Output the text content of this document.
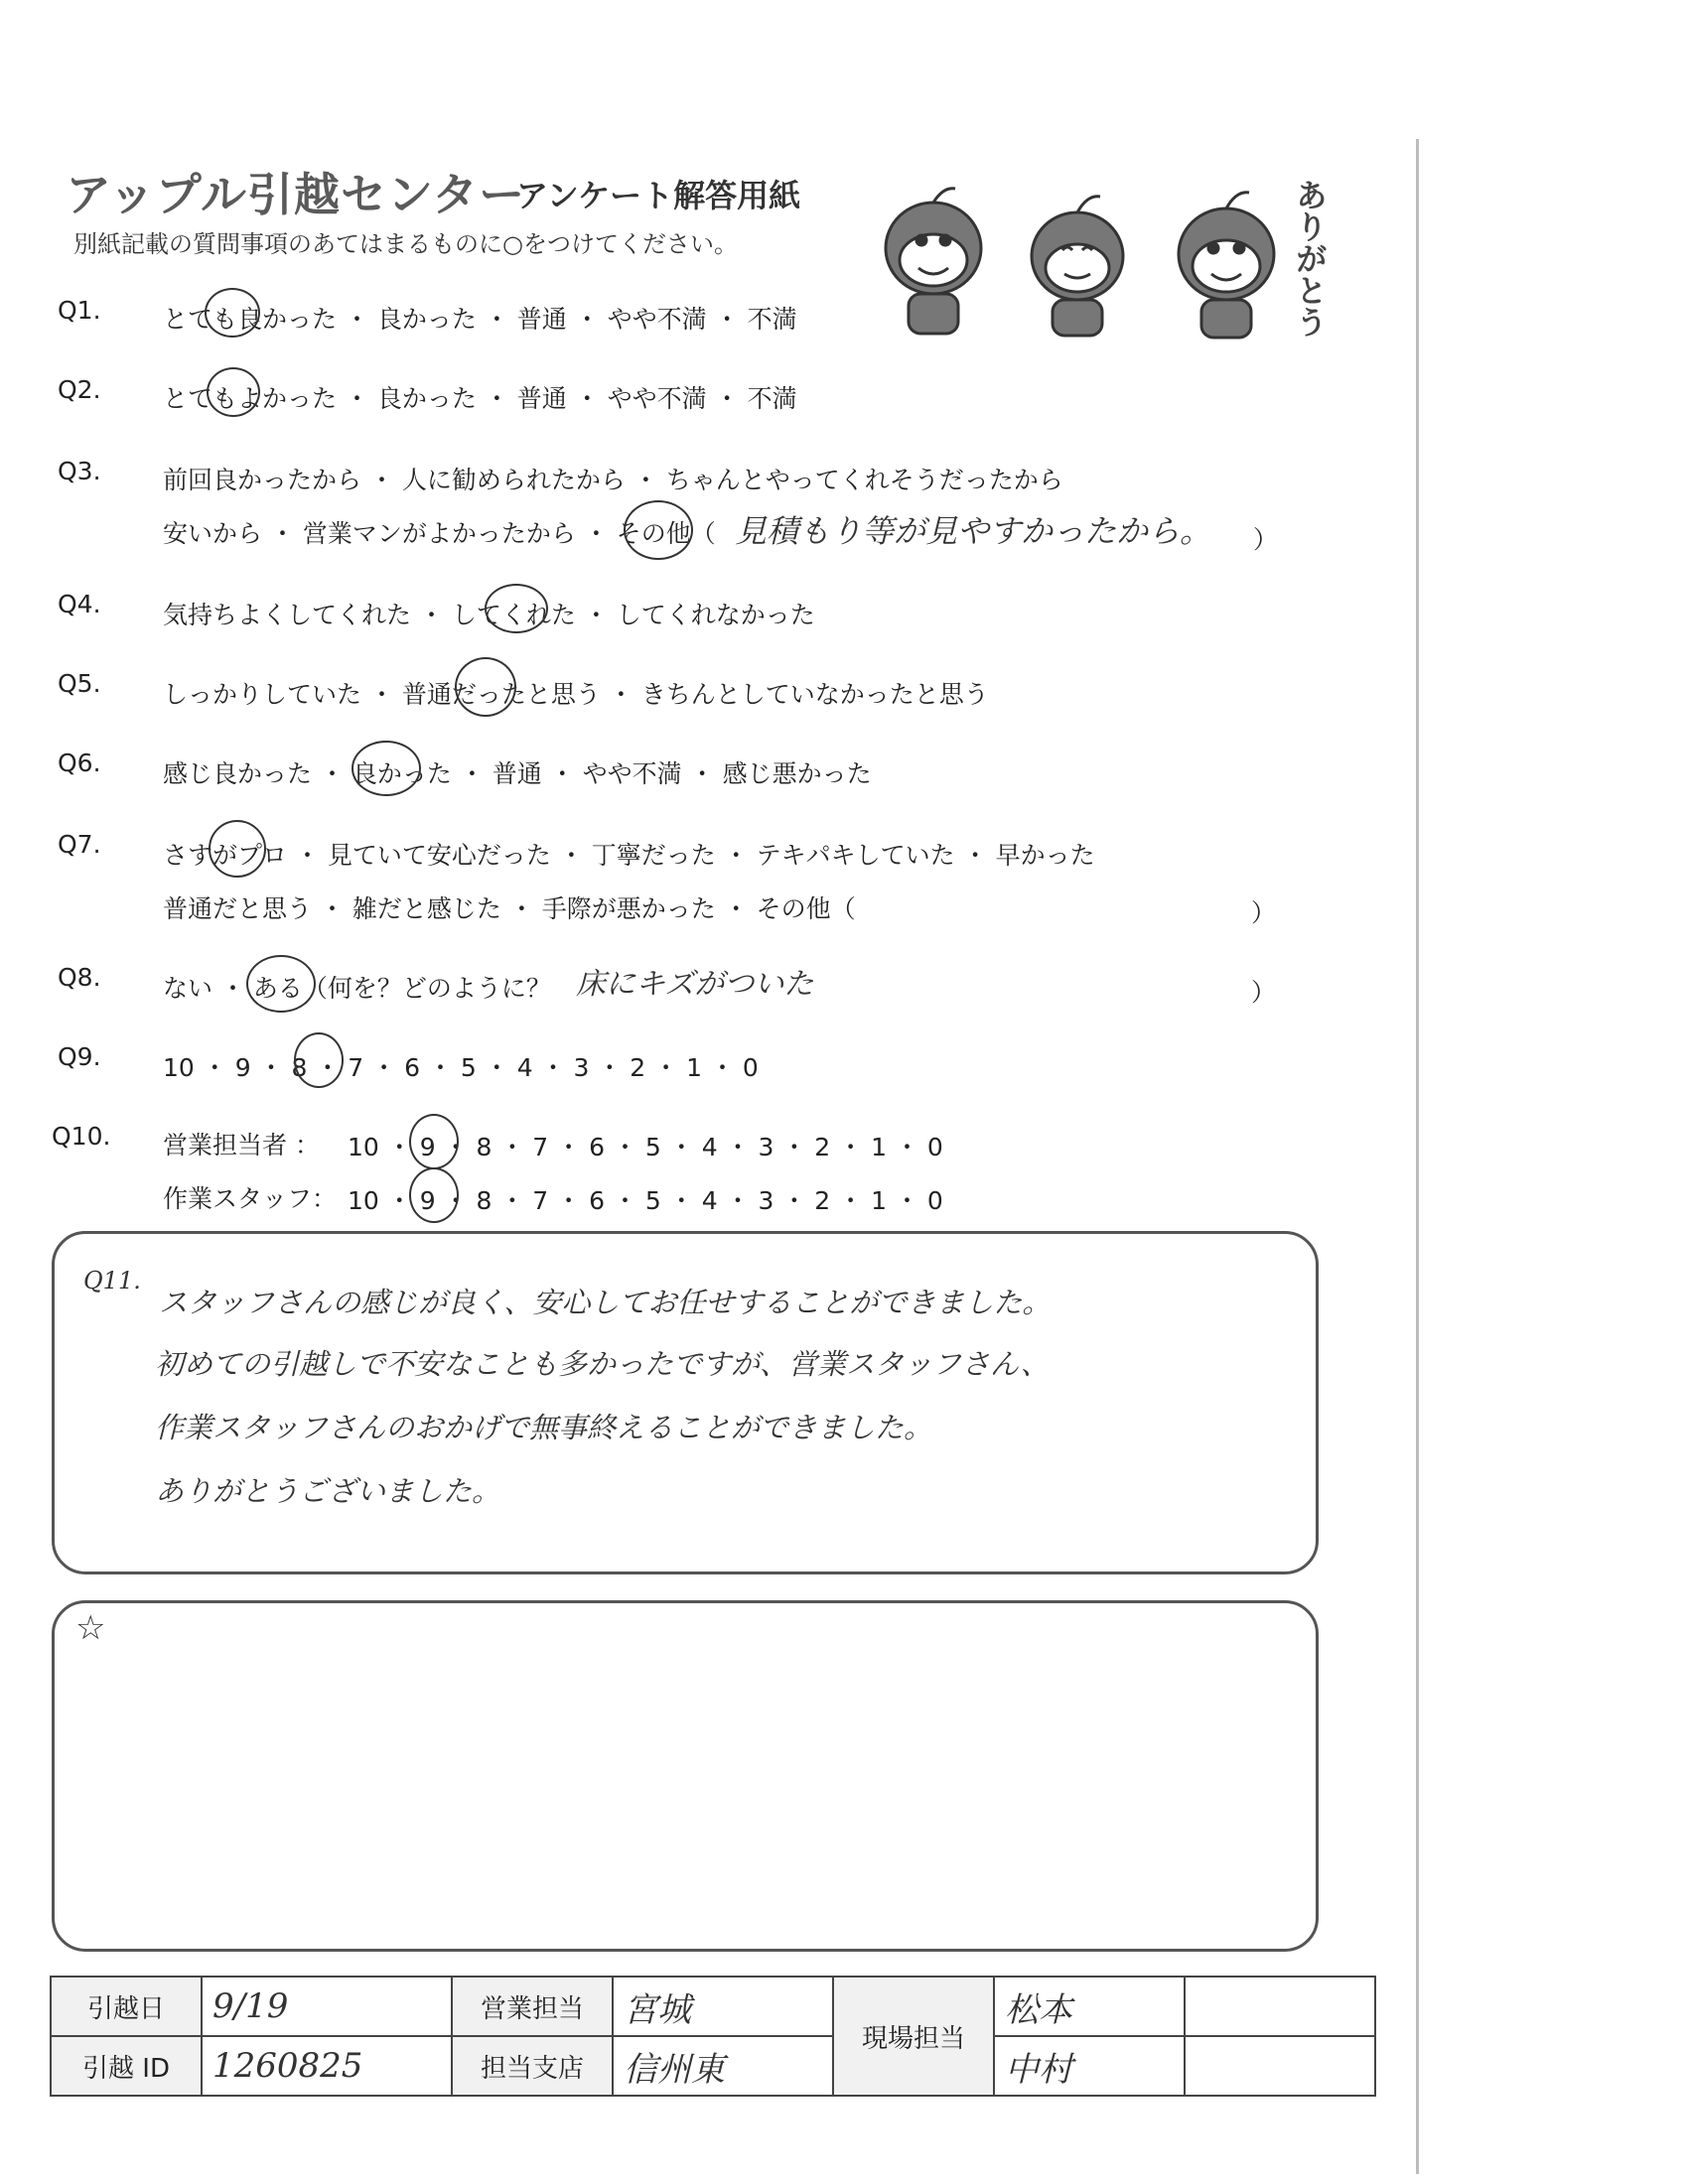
アップル引越センター
アンケート解答用紙
別紙記載の質問事項のあてはまるものに○をつけてください。	ありがとう
Q1. とても良かった ・ 良かった ・ 普通 ・ やや不満 ・ 不満
Q2. とてもよかった ・ 良かった ・ 普通 ・ やや不満 ・ 不満
Q3. 前回良かったから ・ 人に勧められたから ・ ちゃんとやってくれそうだったから
安いから ・ 営業マンがよかったから ・ その他（ 見積もり等が見やすかったから。 ）
Q4. 気持ちよくしてくれた ・ してくれた ・ してくれなかった
Q5. しっかりしていた ・ 普通だったと思う ・ きちんとしていなかったと思う
Q6. 感じ良かった ・ 良かった ・ 普通 ・ やや不満 ・ 感じ悪かった
Q7. さすがプロ ・ 見ていて安心だった ・ 丁寧だった ・ テキパキしていた ・ 早かった
普通だと思う ・ 雑だと感じた ・ 手際が悪かった ・ その他（	）
Q8. ない ・ ある（何を？どのように？ 床にキズがついた	）
Q9. 10 ・ 9 ・ 8 ・ 7 ・ 6 ・ 5 ・ 4 ・ 3 ・ 2 ・ 1 ・ 0
Q10. 営業担当者 ： 10 ・ 9 ・ 8 ・ 7 ・ 6 ・ 5 ・ 4 ・ 3 ・ 2 ・ 1 ・ 0
作業スタッフ： 10 ・ 9 ・ 8 ・ 7 ・ 6 ・ 5 ・ 4 ・ 3 ・ 2 ・ 1 ・ 0
Q11.
スタッフさんの感じが良く、安心してお任せすることができました。
初めての引越しで不安なことも多かったですが、営業スタッフさん、
作業スタッフさんのおかげで無事終えることができました。
ありがとうございました。
☆
引越日	9/19	営業担当	宮城	現場担当	松本	
引越 ID	1260825	担当支店	信州東		中村	
